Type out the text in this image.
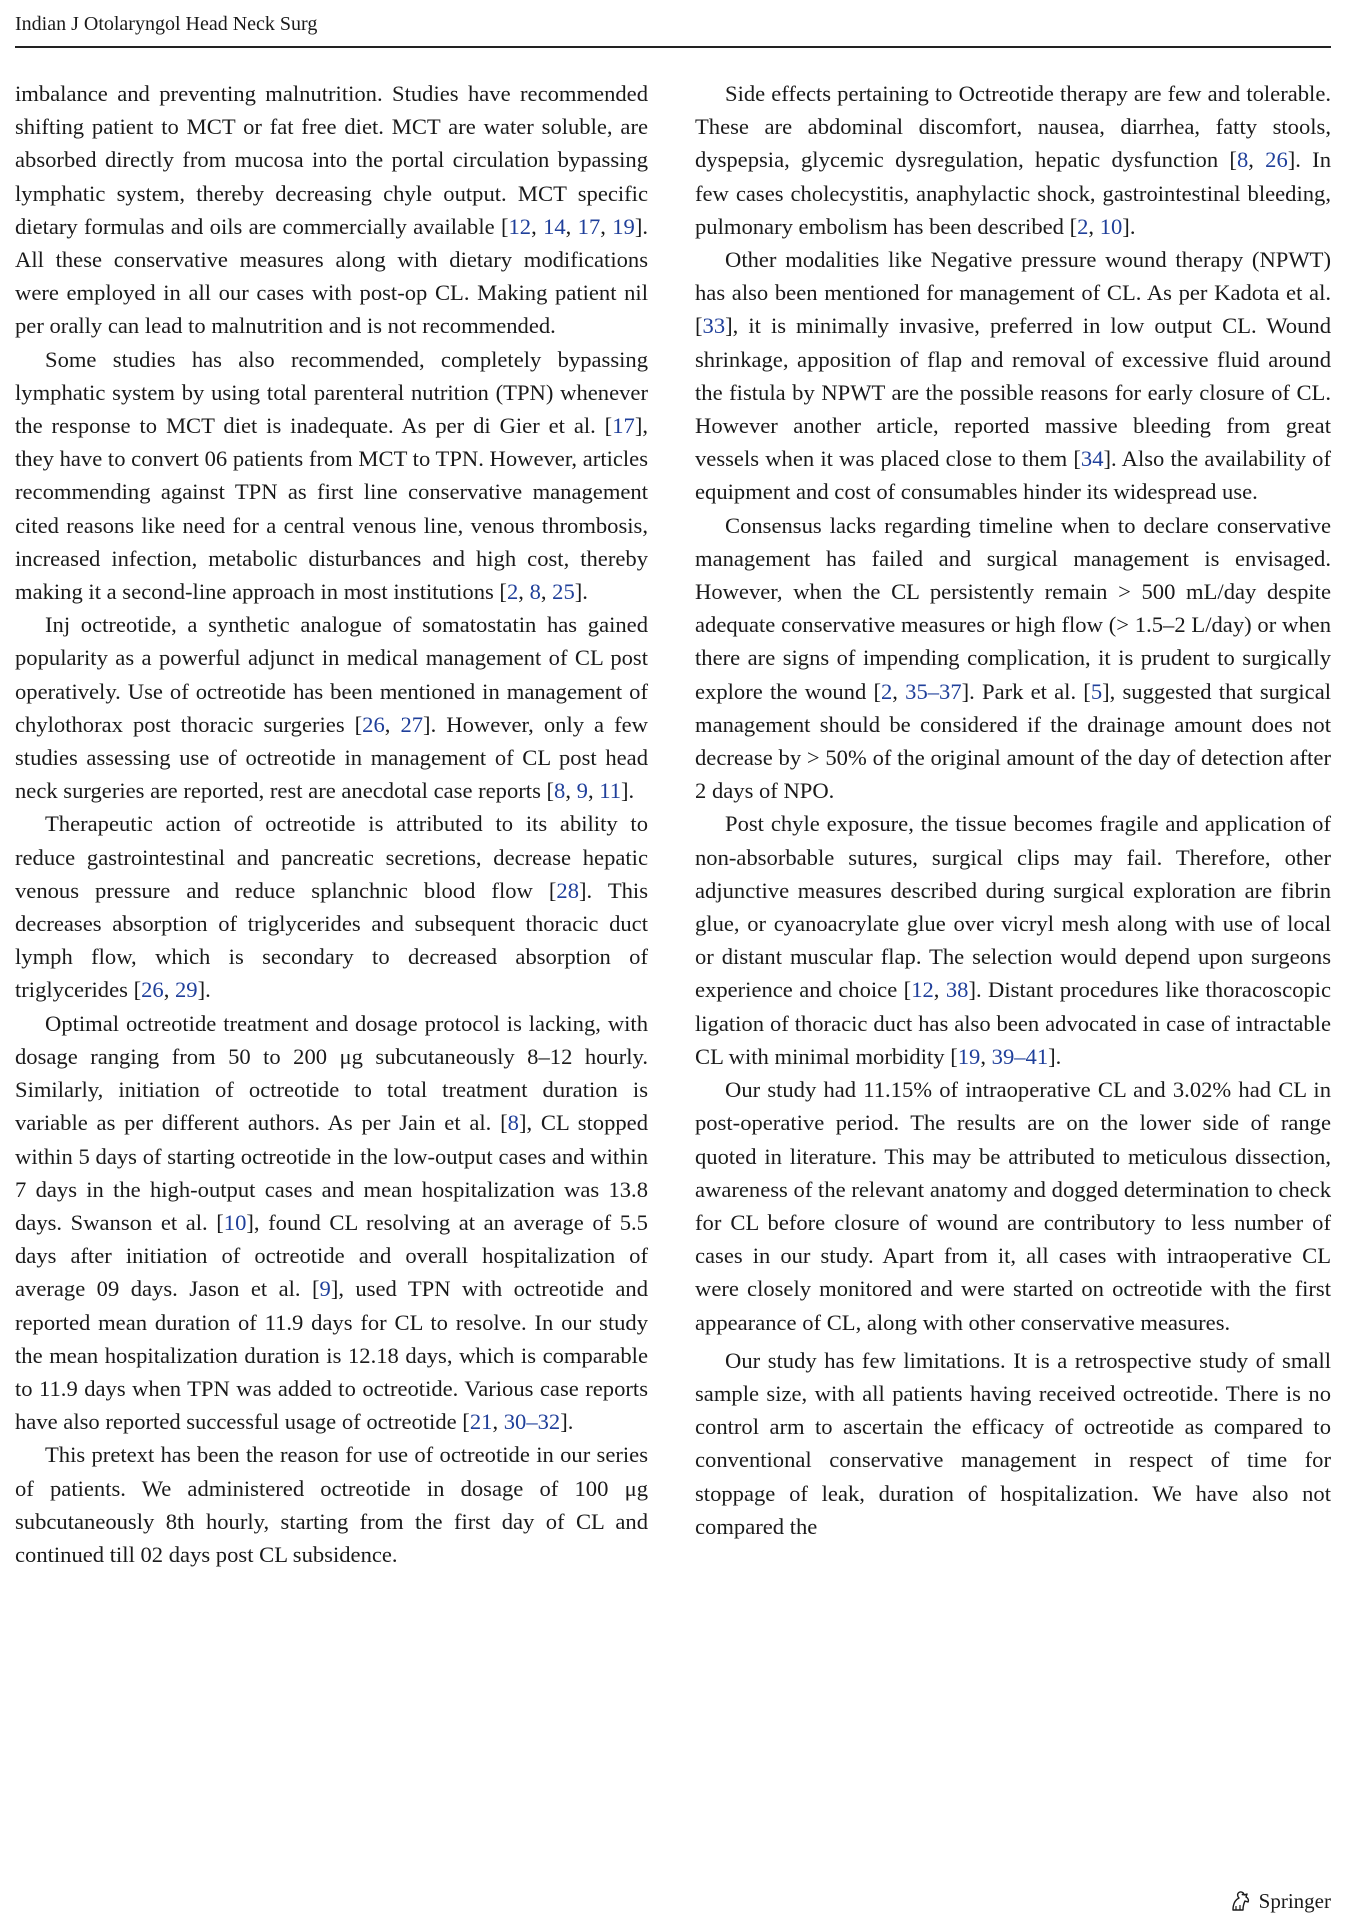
Indian J Otolaryngol Head Neck Surg

imbalance and preventing malnutrition. Studies have recommended shifting patient to MCT or fat free diet. MCT are water soluble, are absorbed directly from mucosa into the portal circulation bypassing lymphatic system, thereby decreasing chyle output. MCT specific dietary formulas and oils are commercially available [12, 14, 17, 19]. All these conservative measures along with dietary modifications were employed in all our cases with post-op CL. Making patient nil per orally can lead to malnutrition and is not recommended.

Some studies has also recommended, completely bypassing lymphatic system by using total parenteral nutrition (TPN) whenever the response to MCT diet is inadequate. As per di Gier et al. [17], they have to convert 06 patients from MCT to TPN. However, articles recommending against TPN as first line conservative management cited reasons like need for a central venous line, venous thrombosis, increased infection, metabolic disturbances and high cost, thereby making it a second-line approach in most institutions [2, 8, 25].

Inj octreotide, a synthetic analogue of somatostatin has gained popularity as a powerful adjunct in medical management of CL post operatively. Use of octreotide has been mentioned in management of chylothorax post thoracic surgeries [26, 27]. However, only a few studies assessing use of octreotide in management of CL post head neck surgeries are reported, rest are anecdotal case reports [8, 9, 11].

Therapeutic action of octreotide is attributed to its ability to reduce gastrointestinal and pancreatic secretions, decrease hepatic venous pressure and reduce splanchnic blood flow [28]. This decreases absorption of triglycerides and subsequent thoracic duct lymph flow, which is secondary to decreased absorption of triglycerides [26, 29].

Optimal octreotide treatment and dosage protocol is lacking, with dosage ranging from 50 to 200 μg subcutaneously 8–12 hourly. Similarly, initiation of octreotide to total treatment duration is variable as per different authors. As per Jain et al. [8], CL stopped within 5 days of starting octreotide in the low-output cases and within 7 days in the high-output cases and mean hospitalization was 13.8 days. Swanson et al. [10], found CL resolving at an average of 5.5 days after initiation of octreotide and overall hospitalization of average 09 days. Jason et al. [9], used TPN with octreotide and reported mean duration of 11.9 days for CL to resolve. In our study the mean hospitalization duration is 12.18 days, which is comparable to 11.9 days when TPN was added to octreotide. Various case reports have also reported successful usage of octreotide [21, 30–32].

This pretext has been the reason for use of octreotide in our series of patients. We administered octreotide in dosage of 100 μg subcutaneously 8th hourly, starting from the first day of CL and continued till 02 days post CL subsidence.

Side effects pertaining to Octreotide therapy are few and tolerable. These are abdominal discomfort, nausea, diarrhea, fatty stools, dyspepsia, glycemic dysregulation, hepatic dysfunction [8, 26]. In few cases cholecystitis, anaphylactic shock, gastrointestinal bleeding, pulmonary embolism has been described [2, 10].

Other modalities like Negative pressure wound therapy (NPWT) has also been mentioned for management of CL. As per Kadota et al. [33], it is minimally invasive, preferred in low output CL. Wound shrinkage, apposition of flap and removal of excessive fluid around the fistula by NPWT are the possible reasons for early closure of CL. However another article, reported massive bleeding from great vessels when it was placed close to them [34]. Also the availability of equipment and cost of consumables hinder its widespread use.

Consensus lacks regarding timeline when to declare conservative management has failed and surgical management is envisaged. However, when the CL persistently remain > 500 mL/day despite adequate conservative measures or high flow (> 1.5–2 L/day) or when there are signs of impending complication, it is prudent to surgically explore the wound [2, 35–37]. Park et al. [5], suggested that surgical management should be considered if the drainage amount does not decrease by > 50% of the original amount of the day of detection after 2 days of NPO.

Post chyle exposure, the tissue becomes fragile and application of non-absorbable sutures, surgical clips may fail. Therefore, other adjunctive measures described during surgical exploration are fibrin glue, or cyanoacrylate glue over vicryl mesh along with use of local or distant muscular flap. The selection would depend upon surgeons experience and choice [12, 38]. Distant procedures like thoracoscopic ligation of thoracic duct has also been advocated in case of intractable CL with minimal morbidity [19, 39–41].

Our study had 11.15% of intraoperative CL and 3.02% had CL in post-operative period. The results are on the lower side of range quoted in literature. This may be attributed to meticulous dissection, awareness of the relevant anatomy and dogged determination to check for CL before closure of wound are contributory to less number of cases in our study. Apart from it, all cases with intraoperative CL were closely monitored and were started on octreotide with the first appearance of CL, along with other conservative measures.

Our study has few limitations. It is a retrospective study of small sample size, with all patients having received octreotide. There is no control arm to ascertain the efficacy of octreotide as compared to conventional conservative management in respect of time for stoppage of leak, duration of hospitalization. We have also not compared the

Springer
